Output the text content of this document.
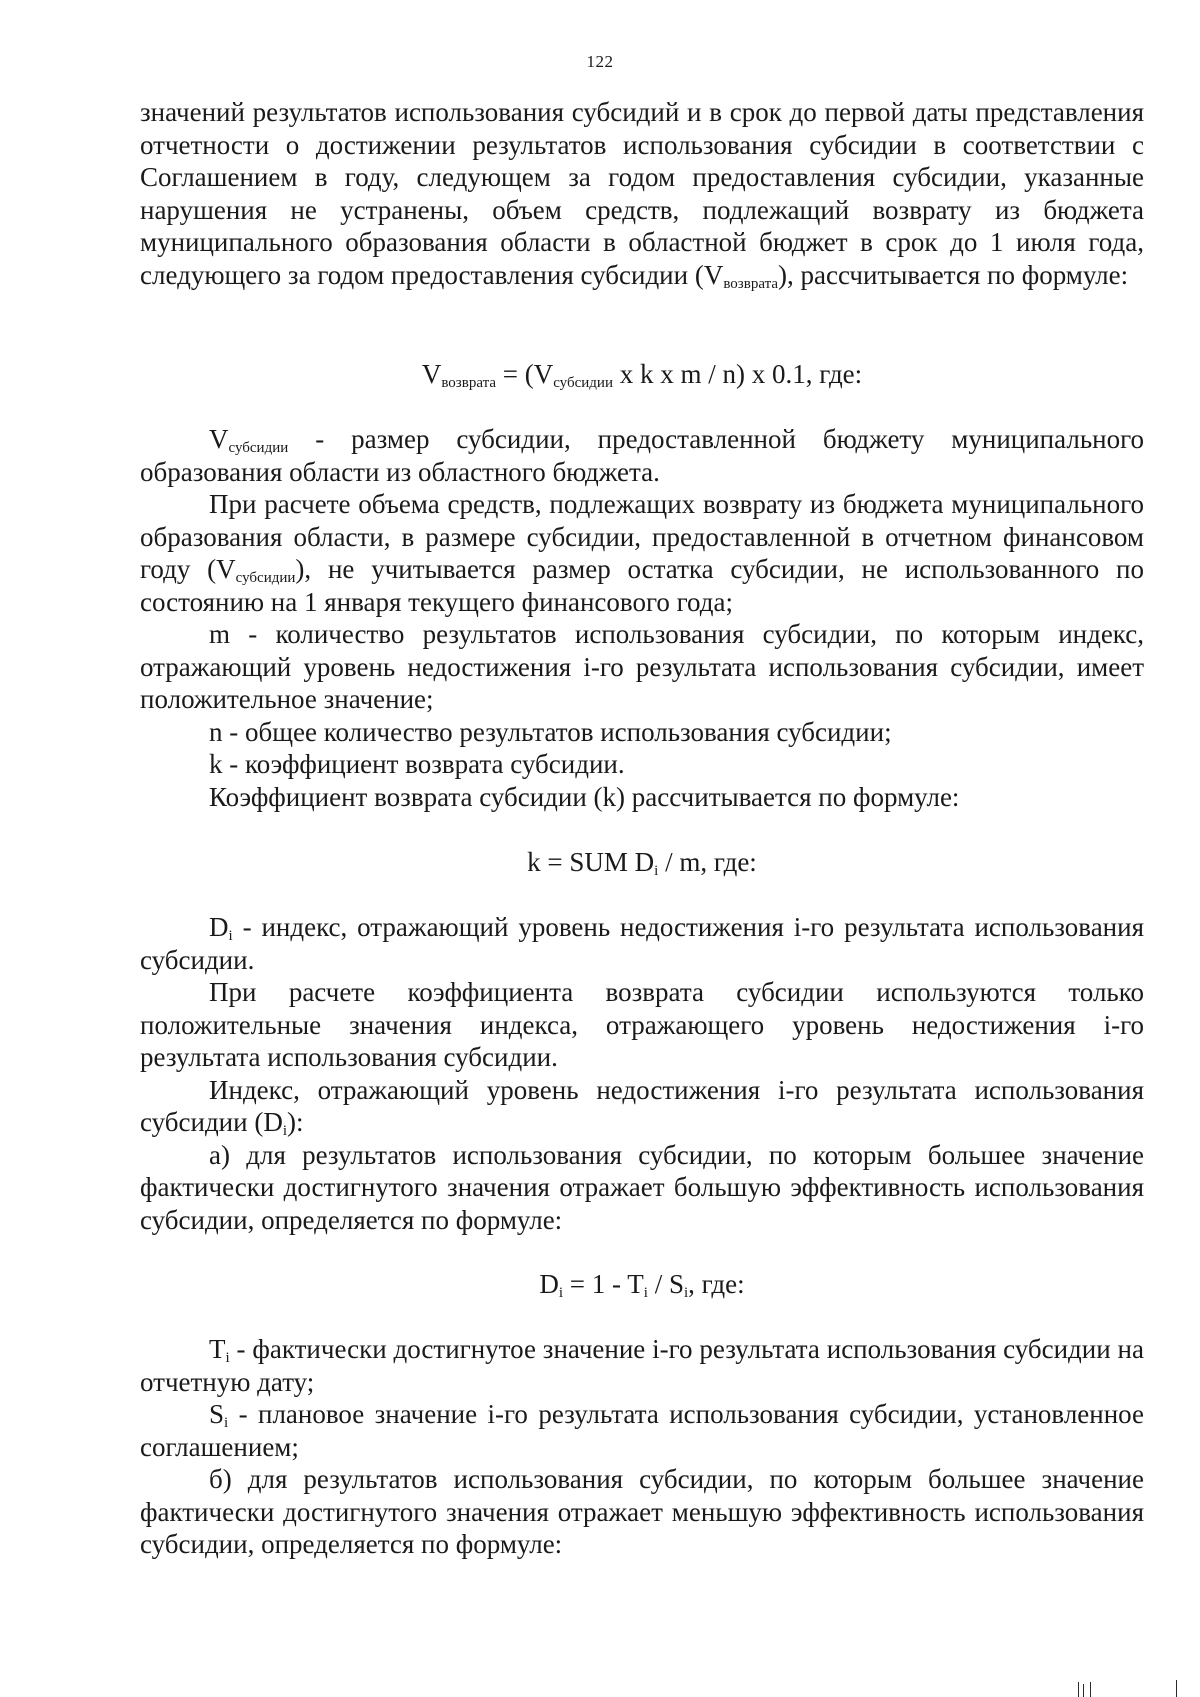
122

значений результатов использования субсидий и в срок до первой даты представления отчетности о достижении результатов использования субсидии в соответствии с Соглашением в году, следующем за годом предоставления субсидии, указанные нарушения не устранены, объем средств, подлежащий возврату из бюджета муниципального образования области в областной бюджет в срок до 1 июля года, следующего за годом предоставления субсидии $(V_{возврата})$, рассчитывается по формуле:

$V_{возврата} = (V_{субсидии}$ x k x m / n) x 0.1, где:

$V_{субсидии}$ - размер субсидии, предоставленной бюджету муниципального образования области из областного бюджета.

При расчете объема средств, подлежащих возврату из бюджета муниципального образования области, в размере субсидии, предоставленной в отчетном финансовом году $(V_{субсидии})$, не учитывается размер остатка субсидии, не использованного по состоянию на 1 января текущего финансового года;

m - количество результатов использования субсидии, по которым индекс, отражающий уровень недостижения i-го результата использования субсидии, имеет положительное значение;

n - общее количество результатов использования субсидии;

k - коэффициент возврата субсидии.

Коэффициент возврата субсидии (k) рассчитывается по формуле:

k = SUM $D_i$ / m, где:

$D_i$ - индекс, отражающий уровень недостижения i-го результата использования субсидии.

При расчете коэффициента возврата субсидии используются только положительные значения индекса, отражающего уровень недостижения i-го результата использования субсидии.

Индекс, отражающий уровень недостижения i-го результата использования субсидии $(D_i)$:

а) для результатов использования субсидии, по которым большее значение фактически достигнутого значения отражает большую эффективность использования субсидии, определяется по формуле:

$D_i = 1 - T_i / S_i$, где:

$T_i$ - фактически достигнутое значение i-го результата использования субсидии на отчетную дату;

$S_i$ - плановое значение i-го результата использования субсидии, установленное соглашением;

б) для результатов использования субсидии, по которым большее значение фактически достигнутого значения отражает меньшую эффективность использования субсидии, определяется по формуле:
